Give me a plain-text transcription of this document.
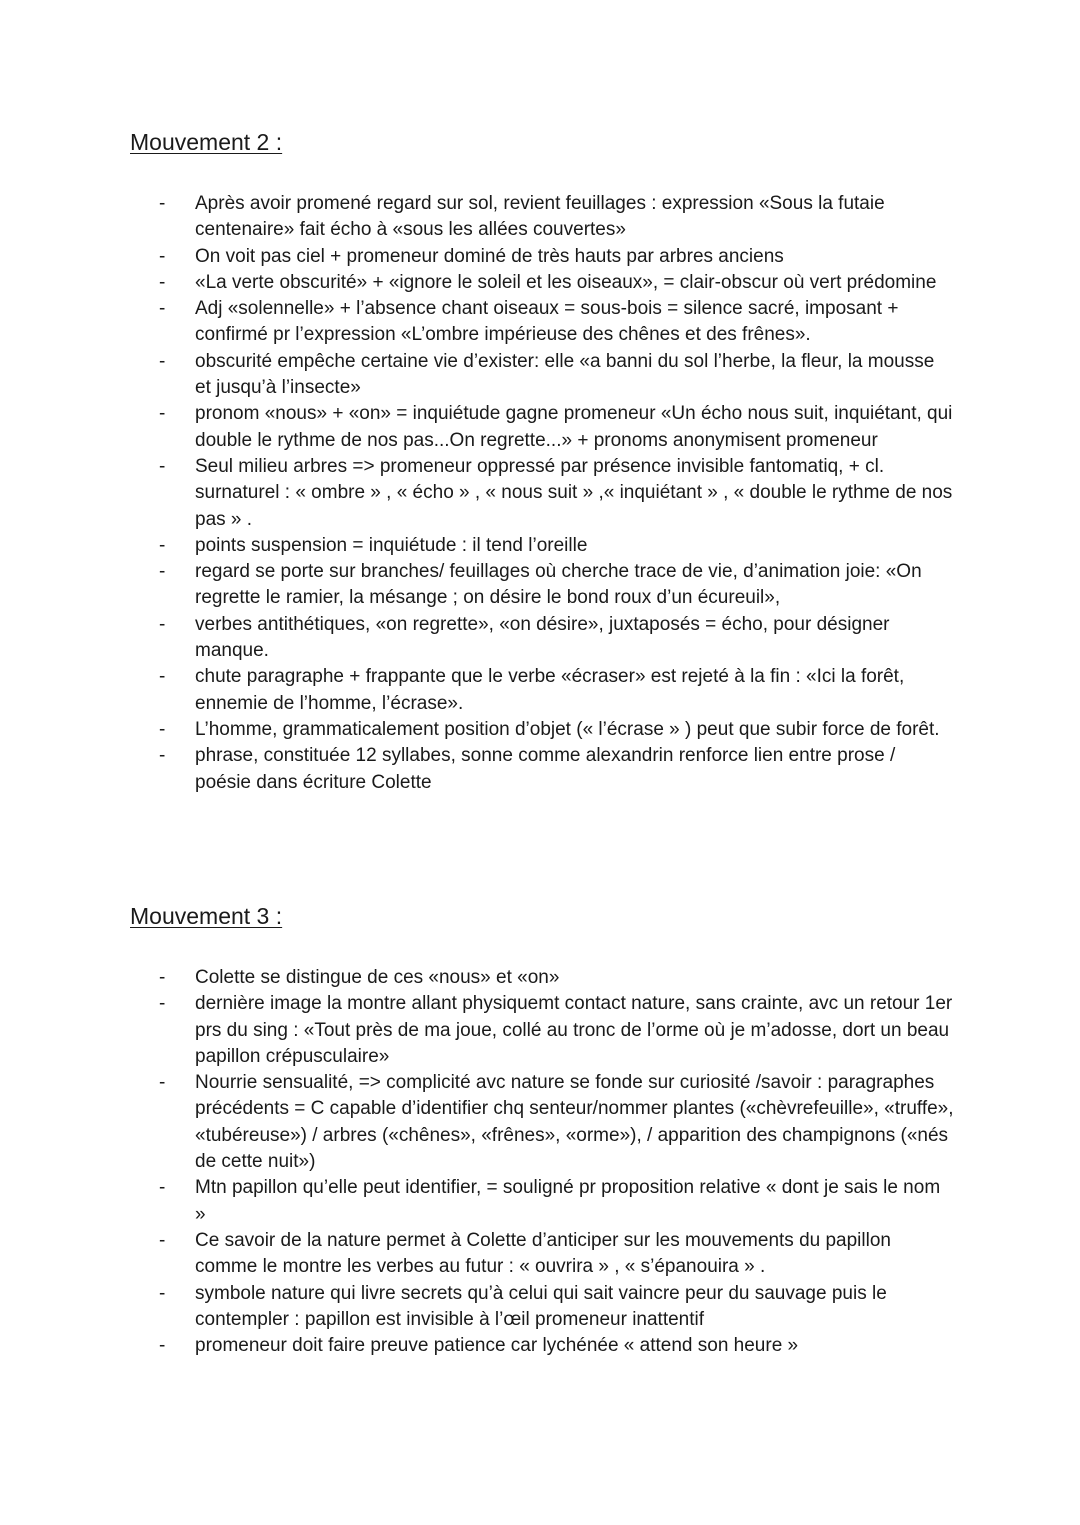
Mouvement 2 :
- Après avoir promené regard sur sol, revient feuillages : expression «Sous la futaie centenaire» fait écho à «sous les allées couvertes»
- On voit pas ciel + promeneur dominé de très hauts par arbres anciens
- «La verte obscurité» + «ignore le soleil et les oiseaux», = clair-obscur où vert prédomine
- Adj «solennelle» + l’absence chant oiseaux = sous-bois = silence sacré, imposant + confirmé pr l’expression «L’ombre impérieuse des chênes et des frênes».
- obscurité empêche certaine vie d’exister: elle «a banni du sol l’herbe, la fleur, la mousse et jusqu’à l’insecte»
- pronom «nous» + «on» = inquiétude gagne promeneur «Un écho nous suit, inquiétant, qui double le rythme de nos pas...On regrette...» + pronoms anonymisent promeneur
- Seul milieu arbres => promeneur oppressé par présence invisible fantomatiq, + cl. surnaturel : « ombre » , « écho » , « nous suit » ,« inquiétant » , « double le rythme de nos pas » .
- points suspension = inquiétude : il tend l’oreille
- regard se porte sur branches/ feuillages où cherche trace de vie, d’animation joie: «On regrette le ramier, la mésange ; on désire le bond roux d’un écureuil»,
- verbes antithétiques, «on regrette», «on désire», juxtaposés = écho, pour désigner manque.
- chute paragraphe + frappante que le verbe «écraser» est rejeté à la fin : «Ici la forêt, ennemie de l’homme, l’écrase».
- L’homme, grammaticalement position d’objet (« l’écrase » ) peut que subir force de forêt.
- phrase, constituée 12 syllabes, sonne comme alexandrin renforce lien entre prose / poésie dans écriture Colette
Mouvement 3 :
- Colette se distingue de ces «nous» et «on»
- dernière image la montre allant physiquemt contact nature, sans crainte, avc un retour 1er prs du sing : «Tout près de ma joue, collé au tronc de l’orme où je m’adosse, dort un beau papillon crépusculaire»
- Nourrie sensualité, => complicité avc nature se fonde sur curiosité /savoir : paragraphes précédents = C capable d’identifier chq senteur/nommer plantes («chèvrefeuille», «truffe», «tubéreuse») / arbres («chênes», «frênes», «orme»), / apparition des champignons («nés de cette nuit»)
- Mtn papillon qu’elle peut identifier, = souligné pr proposition relative « dont je sais le nom »
- Ce savoir de la nature permet à Colette d’anticiper sur les mouvements du papillon comme le montre les verbes au futur : « ouvrira » , « s’épanouira » .
- symbole nature qui livre secrets qu’à celui qui sait vaincre peur du sauvage puis le contempler : papillon est invisible à l’œil promeneur inattentif
- promeneur doit faire preuve patience car lychénée « attend son heure »
